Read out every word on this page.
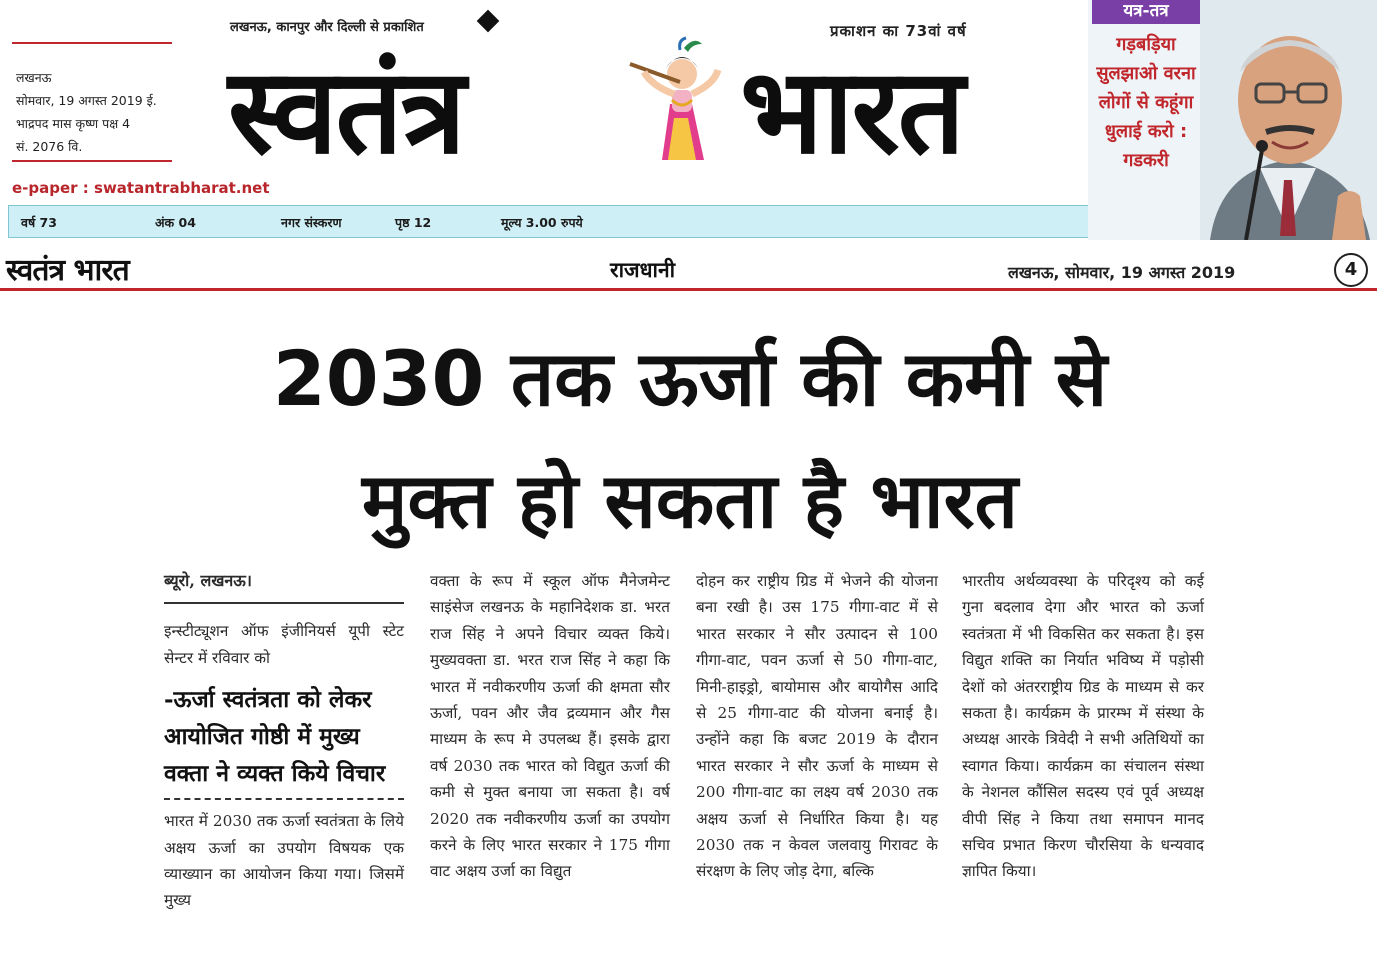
लखनऊ
सोमवार, 19 अगस्त 2019 ई.
भाद्रपद मास कृष्ण पक्ष 4
सं. 2076 वि.
लखनऊ, कानपुर और दिल्ली से प्रकाशित	प्रकाशन का 73वां वर्ष
स्वतंत्र भारत
e-paper : swatantrabharat.net
वर्ष 73	अंक 04	नगर संस्करण	पृष्ठ 12	मूल्य 3.00 रुपये
यत्र-तत्र
गड़बड़िया
सुलझाओ वरना
लोगों से कहूंगा
धुलाई करो :
गडकरी
स्वतंत्र भारत	राजधानी	लखनऊ, सोमवार, 19 अगस्त 2019	4
2030 तक ऊर्जा की कमी से
मुक्त हो सकता है भारत
ब्यूरो, लखनऊ।
इन्स्टीट्यूशन ऑफ इंजीनियर्स यूपी स्टेट सेन्टर में रविवार को
-ऊर्जा स्वतंत्रता को लेकर आयोजित गोष्ठी में मुख्य वक्ता ने व्यक्त किये विचार
भारत में 2030 तक ऊर्जा स्वतंत्रता के लिये अक्षय ऊर्जा का उपयोग विषयक एक व्याख्यान का आयोजन किया गया। जिसमें मुख्य
वक्ता के रूप में स्कूल ऑफ मैनेजमेन्ट साइंसेज लखनऊ के महानिदेशक डा. भरत राज सिंह ने अपने विचार व्यक्त किये। मुख्यवक्ता डा. भरत राज सिंह ने कहा कि भारत में नवीकरणीय ऊर्जा की क्षमता सौर ऊर्जा, पवन और जैव द्रव्यमान और गैस माध्यम के रूप मे उपलब्ध हैं। इसके द्वारा वर्ष 2030 तक भारत को विद्युत ऊर्जा की कमी से मुक्त बनाया जा सकता है। वर्ष 2020 तक नवीकरणीय ऊर्जा का उपयोग करने के लिए भारत सरकार ने 175 गीगा वाट अक्षय उर्जा का विद्युत
दोहन कर राष्ट्रीय ग्रिड में भेजने की योजना बना रखी है। उस 175 गीगा-वाट में से भारत सरकार ने सौर उत्पादन से 100 गीगा-वाट, पवन ऊर्जा से 50 गीगा-वाट, मिनी-हाइड्रो, बायोमास और बायोगैस आदि से 25 गीगा-वाट की योजना बनाई है। उन्होंने कहा कि बजट 2019 के दौरान भारत सरकार ने सौर ऊर्जा के माध्यम से 200 गीगा-वाट का लक्ष्य वर्ष 2030 तक अक्षय ऊर्जा से निर्धारित किया है। यह 2030 तक न केवल जलवायु गिरावट के संरक्षण के लिए जोड़ देगा, बल्कि
भारतीय अर्थव्यवस्था के परिदृश्य को कई गुना बदलाव देगा और भारत को ऊर्जा स्वतंत्रता में भी विकसित कर सकता है। इस विद्युत शक्ति का निर्यात भविष्य में पड़ोसी देशों को अंतरराष्ट्रीय ग्रिड के माध्यम से कर सकता है। कार्यक्रम के प्रारम्भ में संस्था के अध्यक्ष आरके त्रिवेदी ने सभी अतिथियों का स्वागत किया। कार्यक्रम का संचालन संस्था के नेशनल कौंसिल सदस्य एवं पूर्व अध्यक्ष वीपी सिंह ने किया तथा समापन मानद सचिव प्रभात किरण चौरसिया के धन्यवाद ज्ञापित किया।
